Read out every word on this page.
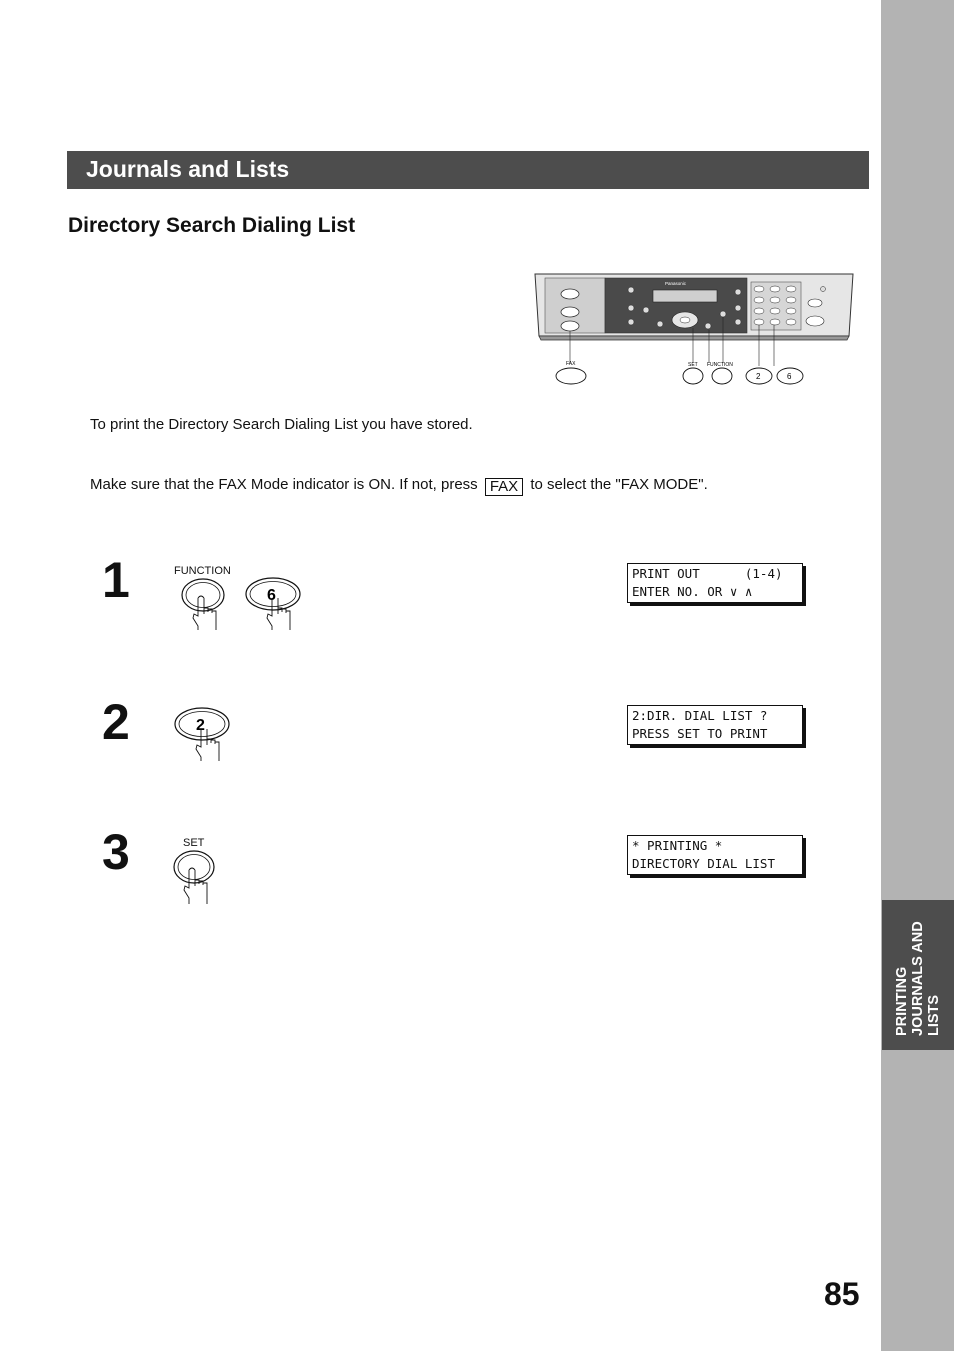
PRINTING JOURNALS AND LISTS
Journals and Lists
Directory Search Dialing List
Panasonic
FAX	SET FUNCTION
2	6
To print the Directory Search Dialing List you have stored.
Make sure that the FAX Mode indicator is ON. If not, press FAX to select the "FAX MODE".
1	FUNCTION
6
PRINT OUT      (1-4)
ENTER NO. OR ∨ ∧
2	2
2:DIR. DIAL LIST ?
PRESS SET TO PRINT
3	SET	* PRINTING *
DIRECTORY DIAL LIST
85
